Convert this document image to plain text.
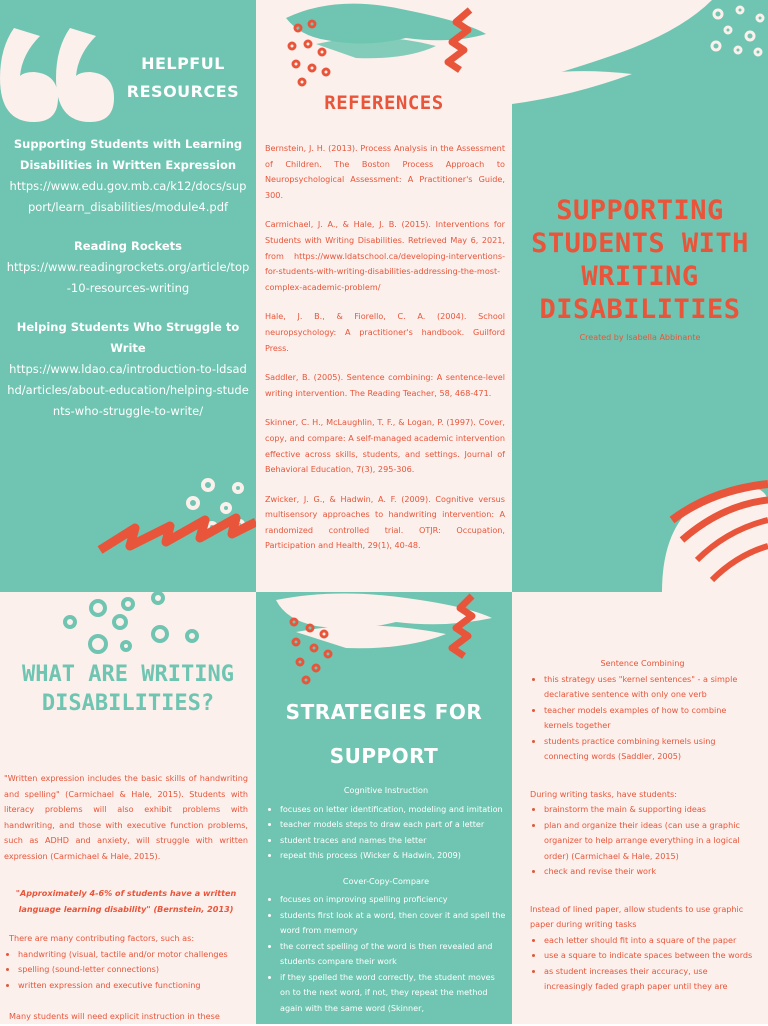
HELPFUL
RESOURCES
Supporting Students with Learning Disabilities in Written Expression
https://www.edu.gov.mb.ca/k12/docs/support/learn_disabilities/module4.pdf
Reading Rockets
https://www.readingrockets.org/article/top-10-resources-writing
Helping Students Who Struggle to Write
https://www.ldao.ca/introduction-to-ldsadhd/articles/about-education/helping-students-who-struggle-to-write/
REFERENCES
Bernstein, J. H. (2013). Process Analysis in the Assessment of Children. The Boston Process Approach to Neuropsychological Assessment: A Practitioner's Guide, 300.
Carmichael, J. A., & Hale, J. B. (2015). Interventions for Students with Writing Disabilities. Retrieved May 6, 2021, from https://www.ldatschool.ca/developing-interventions-for-students-with-writing-disabilities-addressing-the-most-complex-academic-problem/
Hale, J. B., & Fiorello, C. A. (2004). School neuropsychology: A practitioner's handbook. Guilford Press.
Saddler, B. (2005). Sentence combining: A sentence-level writing intervention. The Reading Teacher, 58, 468-471.
Skinner, C. H., McLaughlin, T. F., & Logan, P. (1997). Cover, copy, and compare: A self-managed academic intervention effective across skills, students, and settings. Journal of Behavioral Education, 7(3), 295-306.
Zwicker, J. G., & Hadwin, A. F. (2009). Cognitive versus multisensory approaches to handwriting intervention: A randomized controlled trial. OTJR: Occupation, Participation and Health, 29(1), 40-48.
SUPPORTING
STUDENTS WITH
WRITING
DISABILITIES
Created by Isabella Abbinante
WHAT ARE WRITING
DISABILITIES?

"Written expression includes the basic skills of handwriting and spelling" (Carmichael & Hale, 2015). Students with literacy problems will also exhibit problems with handwriting, and those with executive function problems, such as ADHD and anxiety, will struggle with written expression (Carmichael & Hale, 2015).

"Approximately 4-6% of students have a written language learning disability" (Bernstein, 2013)

There are many contributing factors, such as:
• handwriting (visual, tactile and/or motor challenges
• spelling (sound-letter connections)
• written expression and executive functioning
Many students will need explicit instruction in these
STRATEGIES FOR
SUPPORT
Cognitive Instruction
• focuses on letter identification, modeling and imitation
• teacher models steps to draw each part of a letter
• student traces and names the letter
• repeat this process (Wicker & Hadwin, 2009)
Cover-Copy-Compare
• focuses on improving spelling proficiency
• students first look at a word, then cover it and spell the word from memory
• the correct spelling of the word is then revealed and students compare their work
• if they spelled the word correctly, the student moves on to the next word, if not, they repeat the method again with the same word (Skinner,

Sentence Combining

• this strategy uses "kernel sentences" - a simple declarative sentence with only one verb
• teacher models examples of how to combine kernels together
• students practice combining kernels using connecting words (Saddler, 2005)

During writing tasks, have students:

• brainstorm the main & supporting ideas
• plan and organize their ideas (can use a graphic organizer to help arrange everything in a logical order) (Carmichael & Hale, 2015)
• check and revise their work

Instead of lined paper, allow students to use graphic paper during writing tasks

• each letter should fit into a square of the paper
• use a square to indicate spaces between the words
• as student increases their accuracy, use increasingly faded graph paper until they are
